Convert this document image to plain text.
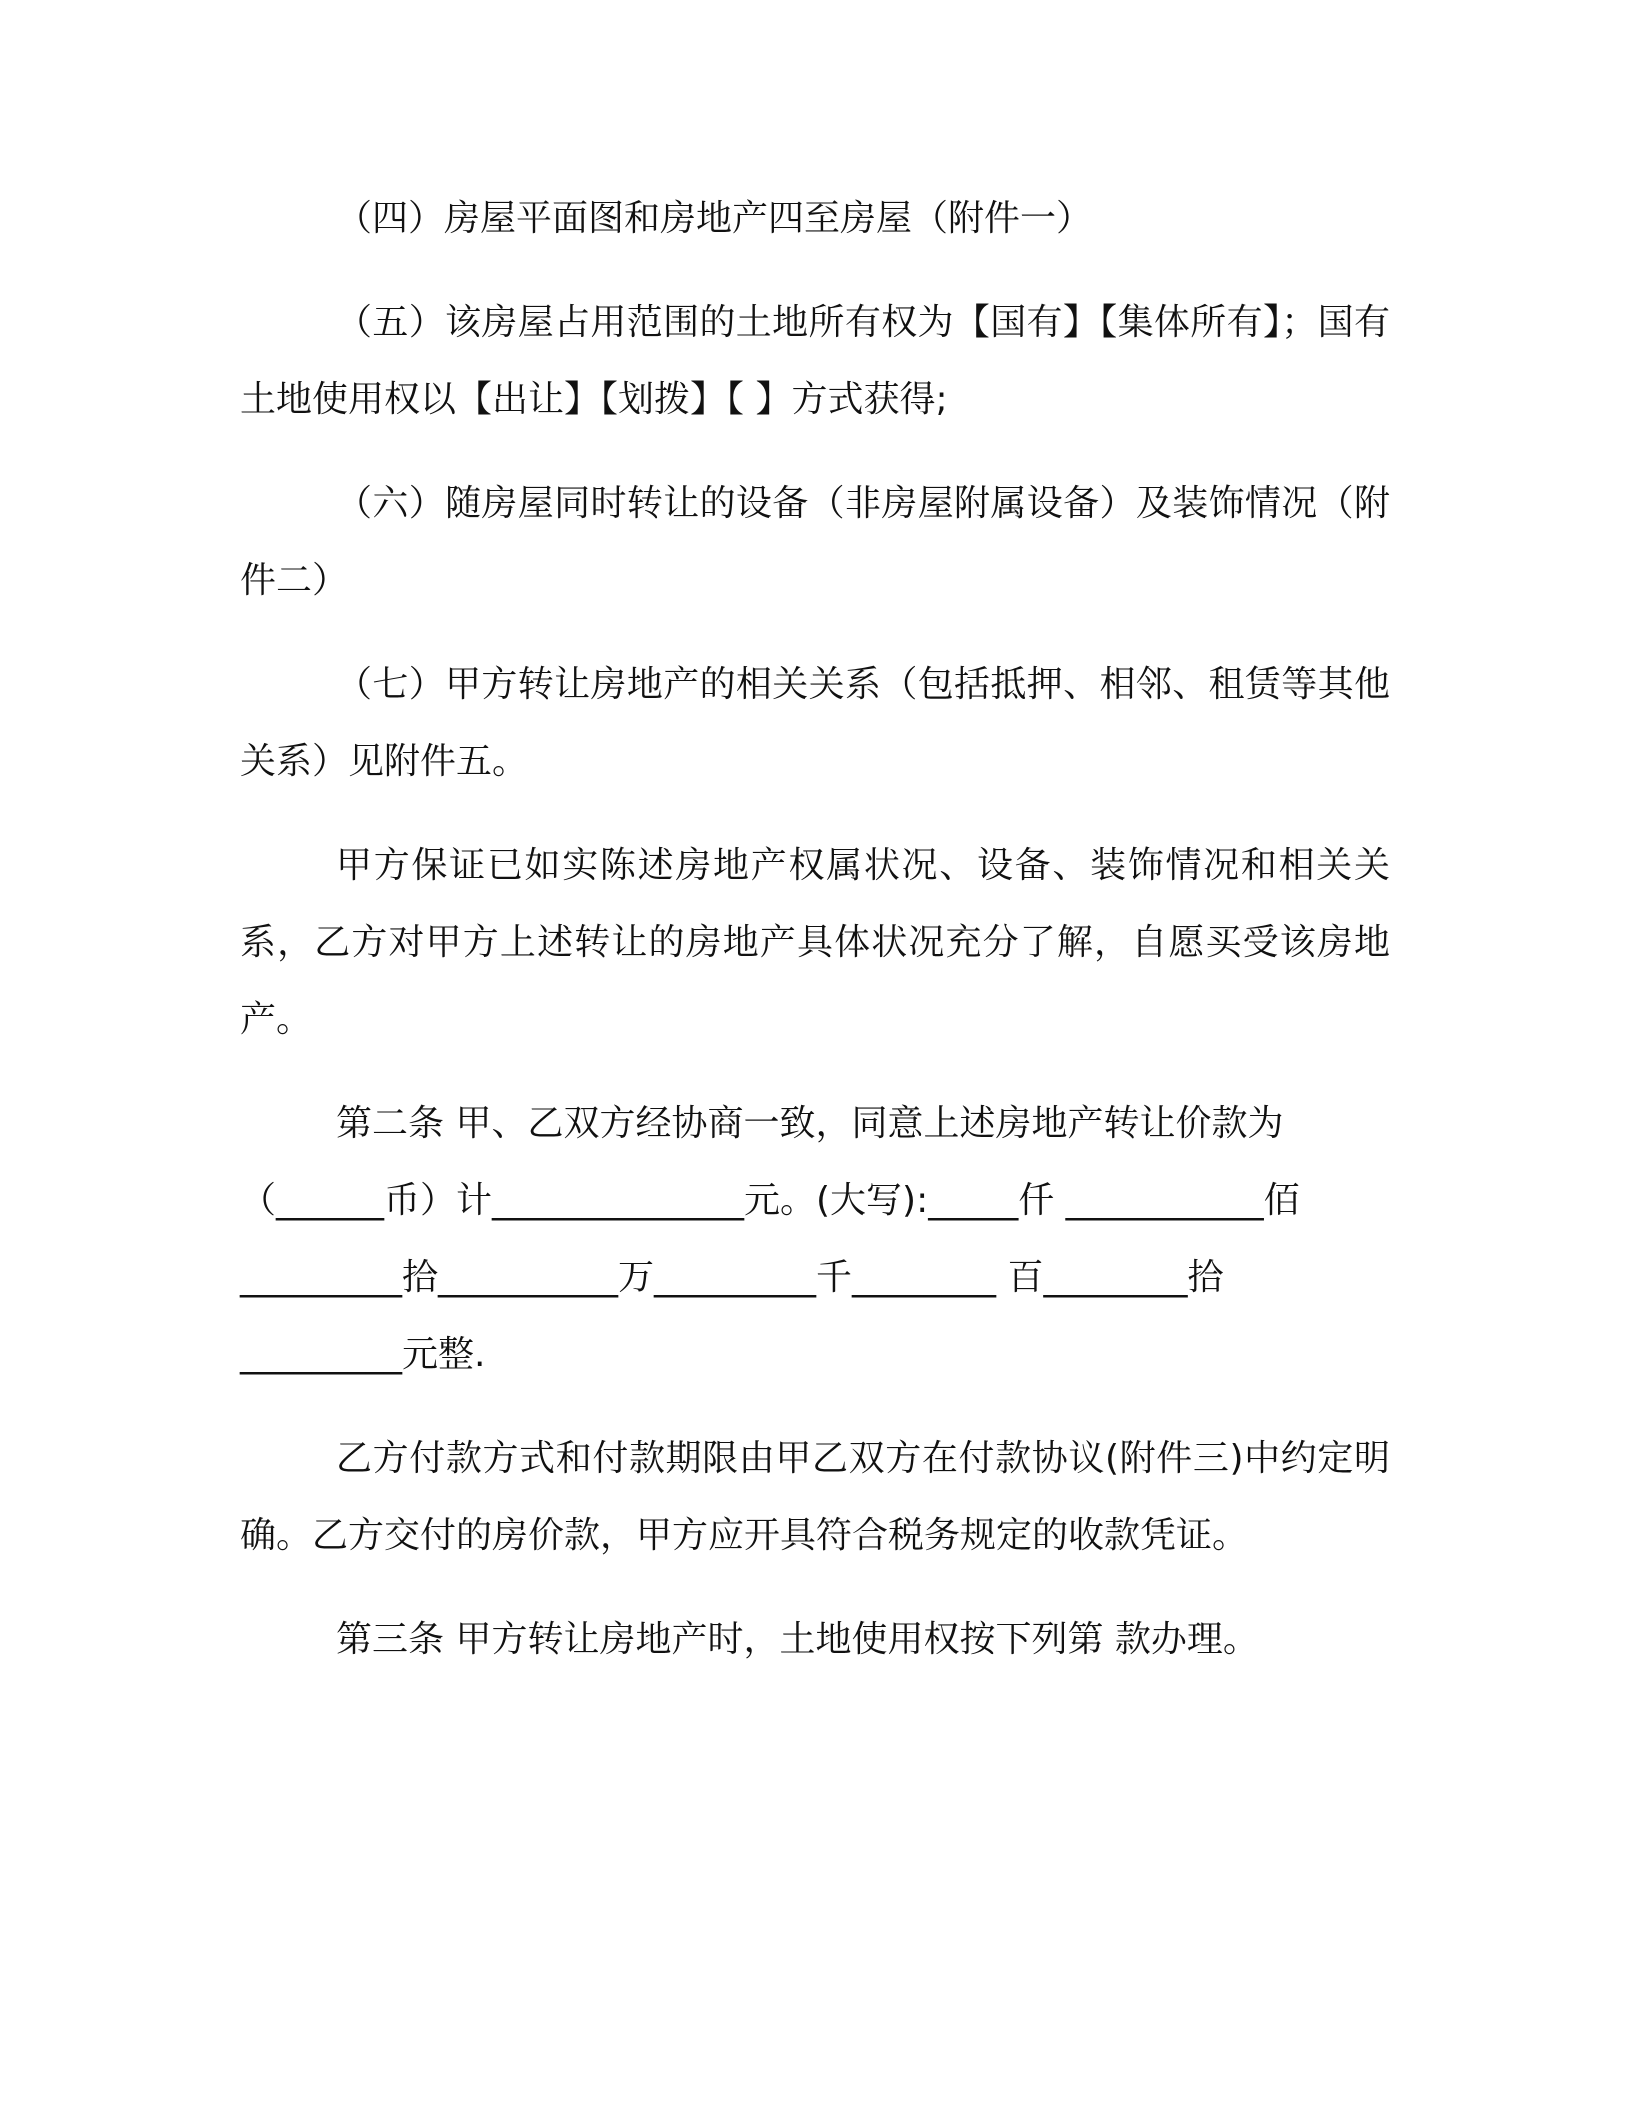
（四）房屋平面图和房地产四至房屋（附件一）

（五）该房屋占用范围的土地所有权为【国有】【集体所有】；国有土地使用权以【出让】【划拨】【 】方式获得;

（六）随房屋同时转让的设备（非房屋附属设备）及装饰情况（附件二）

（七）甲方转让房地产的相关关系（包括抵押、相邻、租赁等其他关系）见附件五。

甲方保证已如实陈述房地产权属状况、设备、装饰情况和相关关系，乙方对甲方上述转让的房地产具体状况充分了解，自愿买受该房地产。

第二条 甲、乙双方经协商一致，同意上述房地产转让价款为
（______币）计______________元。(大写):_____仟 ___________佰
_________拾__________万_________千________ 百________拾
_________元整.

乙方付款方式和付款期限由甲乙双方在付款协议(附件三)中约定明确。乙方交付的房价款，甲方应开具符合税务规定的收款凭证。

第三条 甲方转让房地产时，土地使用权按下列第 款办理。
